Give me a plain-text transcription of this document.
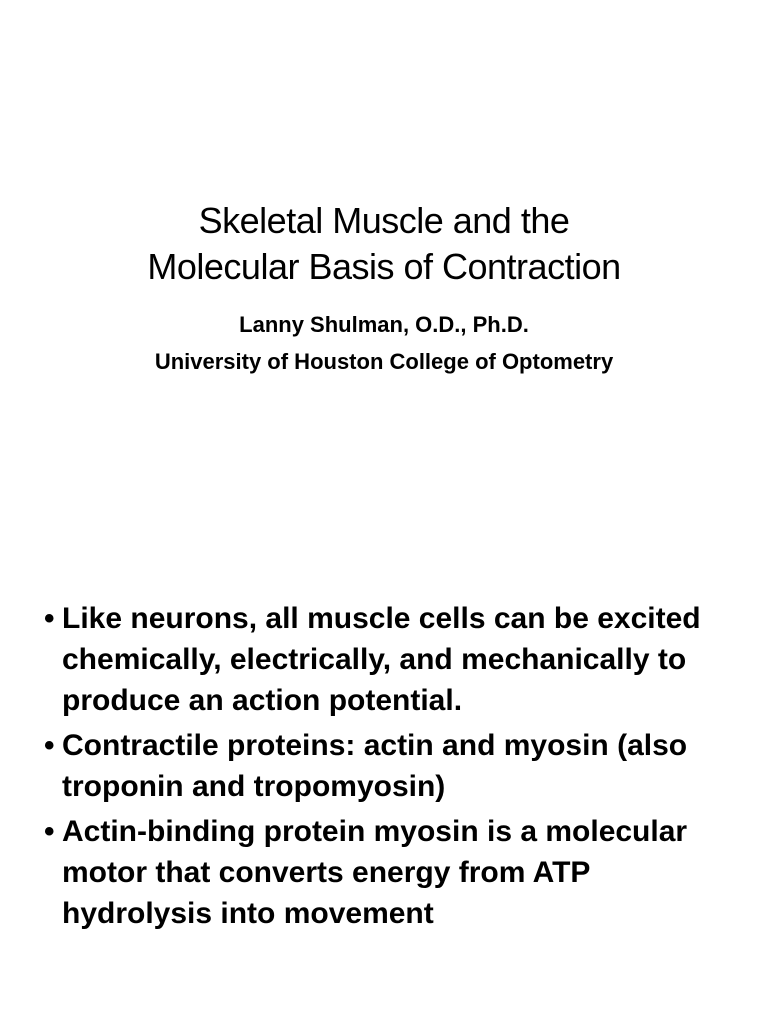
Skeletal Muscle and the
Molecular Basis of Contraction
Lanny Shulman, O.D., Ph.D.
University of Houston College of Optometry
• Like neurons, all muscle cells can be excited chemically, electrically, and mechanically to produce an action potential.
• Contractile proteins: actin and myosin (also troponin and tropomyosin)
• Actin-binding protein myosin is a molecular motor that converts energy from ATP hydrolysis into movement
